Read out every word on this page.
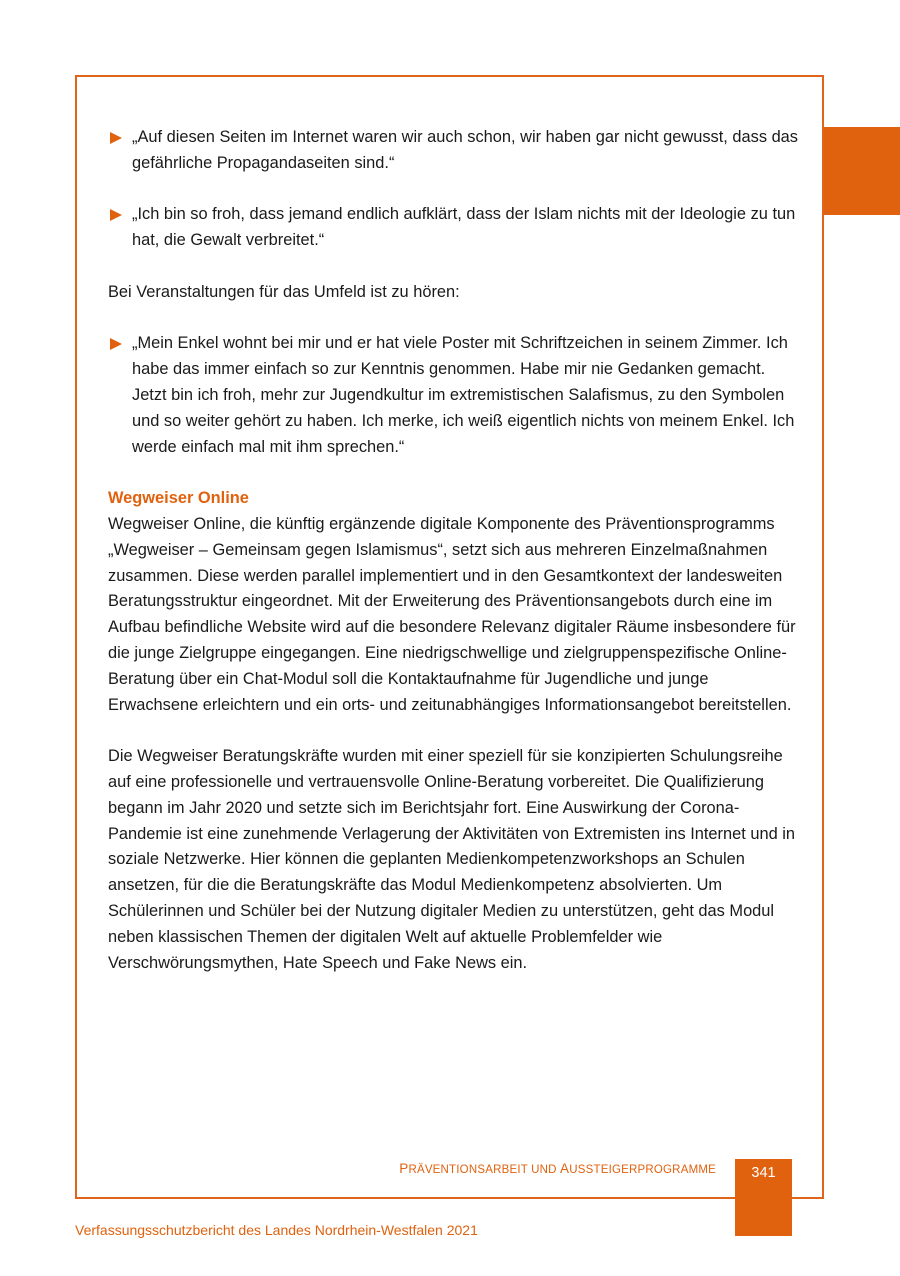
„Auf diesen Seiten im Internet waren wir auch schon, wir haben gar nicht gewusst, dass das gefährliche Propagandaseiten sind.“
„Ich bin so froh, dass jemand endlich aufklärt, dass der Islam nichts mit der Ideologie zu tun hat, die Gewalt verbreitet.“

Bei Veranstaltungen für das Umfeld ist zu hören:

„Mein Enkel wohnt bei mir und er hat viele Poster mit Schriftzeichen in seinem Zimmer. Ich habe das immer einfach so zur Kenntnis genommen. Habe mir nie Gedanken gemacht. Jetzt bin ich froh, mehr zur Jugendkultur im extremistischen Salafismus, zu den Symbolen und so weiter gehört zu haben. Ich merke, ich weiß eigentlich nichts von meinem Enkel. Ich werde einfach mal mit ihm sprechen.“
Wegweiser Online

Wegweiser Online, die künftig ergänzende digitale Komponente des Präventionsprogramms „Wegweiser – Gemeinsam gegen Islamismus“, setzt sich aus mehreren Einzelmaßnahmen zusammen. Diese werden parallel implementiert und in den Gesamtkontext der landesweiten Beratungsstruktur eingeordnet. Mit der Erweiterung des Präventionsangebots durch eine im Aufbau befindliche Website wird auf die besondere Relevanz digitaler Räume insbesondere für die junge Zielgruppe eingegangen. Eine niedrigschwellige und zielgruppenspezifische Online-Beratung über ein Chat-Modul soll die Kontaktaufnahme für Jugendliche und junge Erwachsene erleichtern und ein orts- und zeitunabhängiges Informationsangebot bereitstellen.

Die Wegweiser Beratungskräfte wurden mit einer speziell für sie konzipierten Schulungsreihe auf eine professionelle und vertrauensvolle Online-Beratung vorbereitet. Die Qualifizierung begann im Jahr 2020 und setzte sich im Berichtsjahr fort. Eine Auswirkung der Corona-Pandemie ist eine zunehmende Verlagerung der Aktivitäten von Extremisten ins Internet und in soziale Netzwerke. Hier können die geplanten Medienkompetenzworkshops an Schulen ansetzen, für die die Beratungskräfte das Modul Medienkompetenz absolvierten. Um Schülerinnen und Schüler bei der Nutzung digitaler Medien zu unterstützen, geht das Modul neben klassischen Themen der digitalen Welt auf aktuelle Problemfelder wie Verschwörungsmythen, Hate Speech und Fake News ein.

PRÄVENTIONSARBEIT UND AUSSTEIGERPROGRAMME	341
Verfassungsschutzbericht des Landes Nordrhein-Westfalen 2021
